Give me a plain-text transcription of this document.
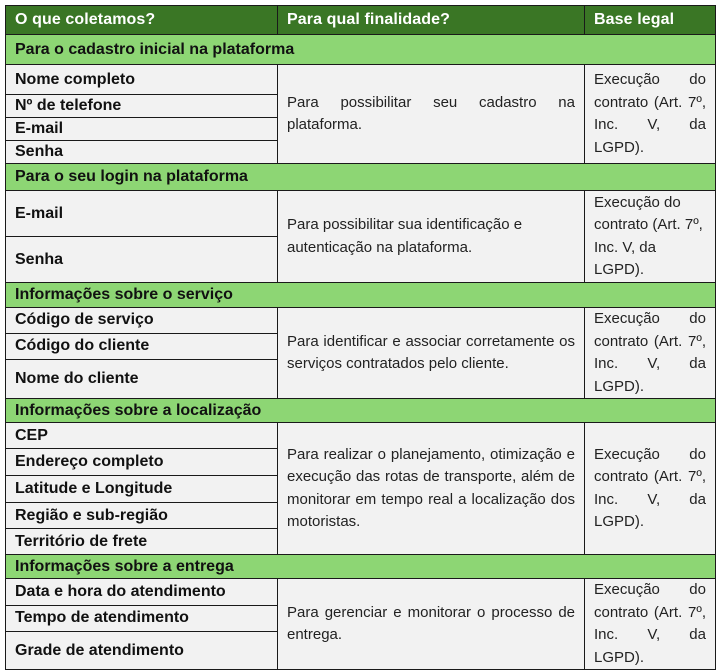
O que coletamos?	Para qual finalidade?	Base legal
Para o cadastro inicial na plataforma		
Nome completo	Para possibilitar seu cadastro na plataforma.	Execução do contrato (Art. 7º, Inc. V, da LGPD).
Nº de telefone		
E-mail		
Senha		
Para o seu login na plataforma		
E-mail	Para possibilitar sua identificação e autenticação na plataforma.	Execução do contrato (Art. 7º, Inc. V, da LGPD).
Senha		
Informações sobre o serviço		
Código de serviço	Para identificar e associar corretamente os serviços contratados pelo cliente.	Execução do contrato (Art. 7º, Inc. V, da LGPD).
Código do cliente		
Nome do cliente		
Informações sobre a localização		
CEP	Para realizar o planejamento, otimização e execução das rotas de transporte, além de monitorar em tempo real a localização dos motoristas.	Execução do contrato (Art. 7º, Inc. V, da LGPD).
Endereço completo		
Latitude e Longitude		
Região e sub-região		
Território de frete		
Informações sobre a entrega		
Data e hora do atendimento	Para gerenciar e monitorar o processo de entrega.	Execução do contrato (Art. 7º, Inc. V, da LGPD).
Tempo de atendimento		
Grade de atendimento		
